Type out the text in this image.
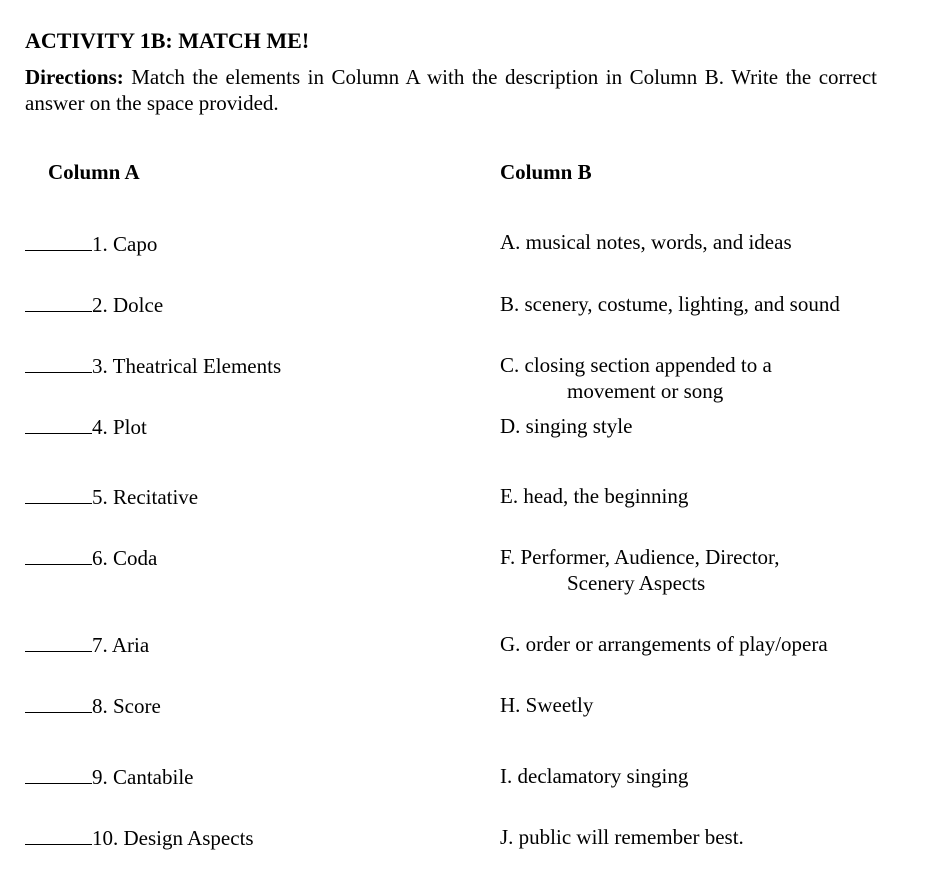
ACTIVITY 1B: MATCH ME!
Directions: Match the elements in Column A with the description in Column B. Write the correct answer on the space provided.
Column A	Column B
1. Capo
2. Dolce
3. Theatrical Elements
4. Plot
5. Recitative
6. Coda
7. Aria
8. Score
9. Cantabile
10. Design Aspects
A. musical notes, words, and ideas
B. scenery, costume, lighting, and sound
C. closing section appended to a
movement or song
D. singing style
E. head, the beginning
F. Performer, Audience, Director,
Scenery Aspects
G. order or arrangements of play/opera
H. Sweetly
I. declamatory singing
J. public will remember best.
